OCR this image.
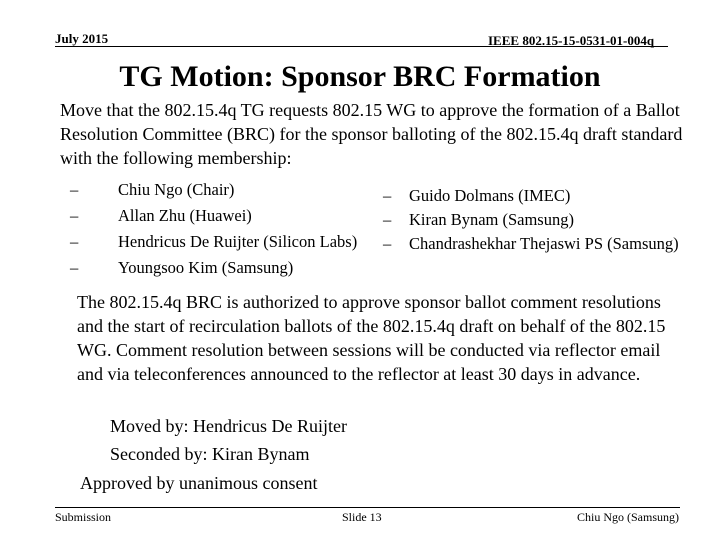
July 2015	IEEE 802.15-15-0531-01-004q
TG Motion: Sponsor BRC Formation
Move that the 802.15.4q TG requests 802.15 WG to approve the formation of a Ballot Resolution Committee (BRC) for the sponsor balloting of the 802.15.4q draft standard with the following membership:
– Chiu Ngo (Chair)
– Allan Zhu (Huawei)
– Hendricus De Ruijter (Silicon Labs)
– Youngsoo Kim (Samsung)
– Guido Dolmans (IMEC)
– Kiran Bynam (Samsung)
– Chandrashekhar Thejaswi PS (Samsung)
The 802.15.4q BRC is authorized to approve sponsor ballot comment resolutions and the start of recirculation ballots of the 802.15.4q draft on behalf of the 802.15 WG. Comment resolution between sessions will be conducted via reflector email and via teleconferences announced to the reflector at least 30 days in advance.
Moved by: Hendricus De Ruijter
Seconded by: Kiran Bynam
Approved by unanimous consent
Submission	Slide 13	Chiu Ngo (Samsung)
